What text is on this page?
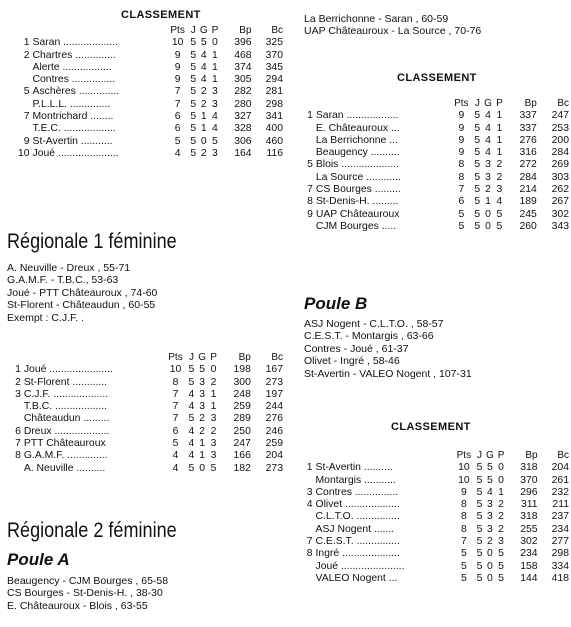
CLASSEMENT
		Pts	J	G	P	Bp	Bc
1	Saran ...................	10	5	5	0	396	325
2	Chartres ..............	9	5	4	1	468	370
	Alerte .................	9	5	4	1	374	345
	Contres ...............	9	5	4	1	305	294
5	Aschères ..............	7	5	2	3	282	281
	P.L.L.L. ..............	7	5	2	3	280	298
7	Montrichard ........	6	5	1	4	327	341
	T.E.C. ..................	6	5	1	4	328	400
9	St-Avertin ...........	5	5	0	5	306	460
10	Joué .....................	4	5	2	3	164	116
Régionale 1 féminine
A. Neuville - Dreux , 55-71
G.A.M.F. - T.B.C., 53-63
Joué - PTT Châteauroux , 74-60
St-Florent - Châteaudun , 60-55
Exempt : C.J.F. .
		Pts	J	G	P	Bp	Bc
1	Joué ......................	10	5	5	0	198	167
2	St-Florent ............	8	5	3	2	300	273
3	C.J.F. ...................	7	4	3	1	248	197
	T.B.C. ..................	7	4	3	1	259	244
	Châteaudun .........	7	5	2	3	289	276
6	Dreux ...................	6	4	2	2	250	246
7	PTT Châteauroux	5	4	1	3	247	259
8	G.A.M.F. ..............	4	4	1	3	166	204
	A. Neuville ..........	4	5	0	5	182	273
Régionale 2 féminine
Poule A
Beaugency - CJM Bourges , 65-58
CS Bourges - St-Denis-H. , 38-30
E. Châteauroux - Blois , 63-55
La Berrichonne - Saran , 60-59
UAP Châteauroux - La Source , 70-76
CLASSEMENT
		Pts	J	G	P	Bp	Bc
1	Saran ..................	9	5	4	1	337	247
	E. Châteauroux ...	9	5	4	1	337	253
	La Berrichonne ...	9	5	4	1	276	200
	Beaugency ..........	9	5	4	1	316	284
5	Blois ....................	8	5	3	2	272	269
	La Source ............	8	5	3	2	284	303
7	CS Bourges .........	7	5	2	3	214	262
8	St-Denis-H. .........	6	5	1	4	189	267
9	UAP Châteauroux	5	5	0	5	245	302
	CJM Bourges .....	5	5	0	5	260	343
Poule B
ASJ Nogent - C.L.T.O. , 58-57
C.E.S.T. - Montargis , 63-66
Contres - Joué , 61-37
Olivet - Ingré , 58-46
St-Avertin - VALEO Nogent , 107-31
CLASSEMENT
		Pts	J	G	P	Bp	Bc
1	St-Avertin ..........	10	5	5	0	318	204
	Montargis ...........	10	5	5	0	370	261
3	Contres ...............	9	5	4	1	296	232
4	Olivet ...................	8	5	3	2	311	211
	C.L.T.O. ...............	8	5	3	2	318	237
	ASJ Nogent .......	8	5	3	2	255	234
7	C.E.S.T. ...............	7	5	2	3	302	277
8	Ingré ....................	5	5	0	5	234	298
	Joué ......................	5	5	0	5	158	334
	VALEO Nogent ...	5	5	0	5	144	418
